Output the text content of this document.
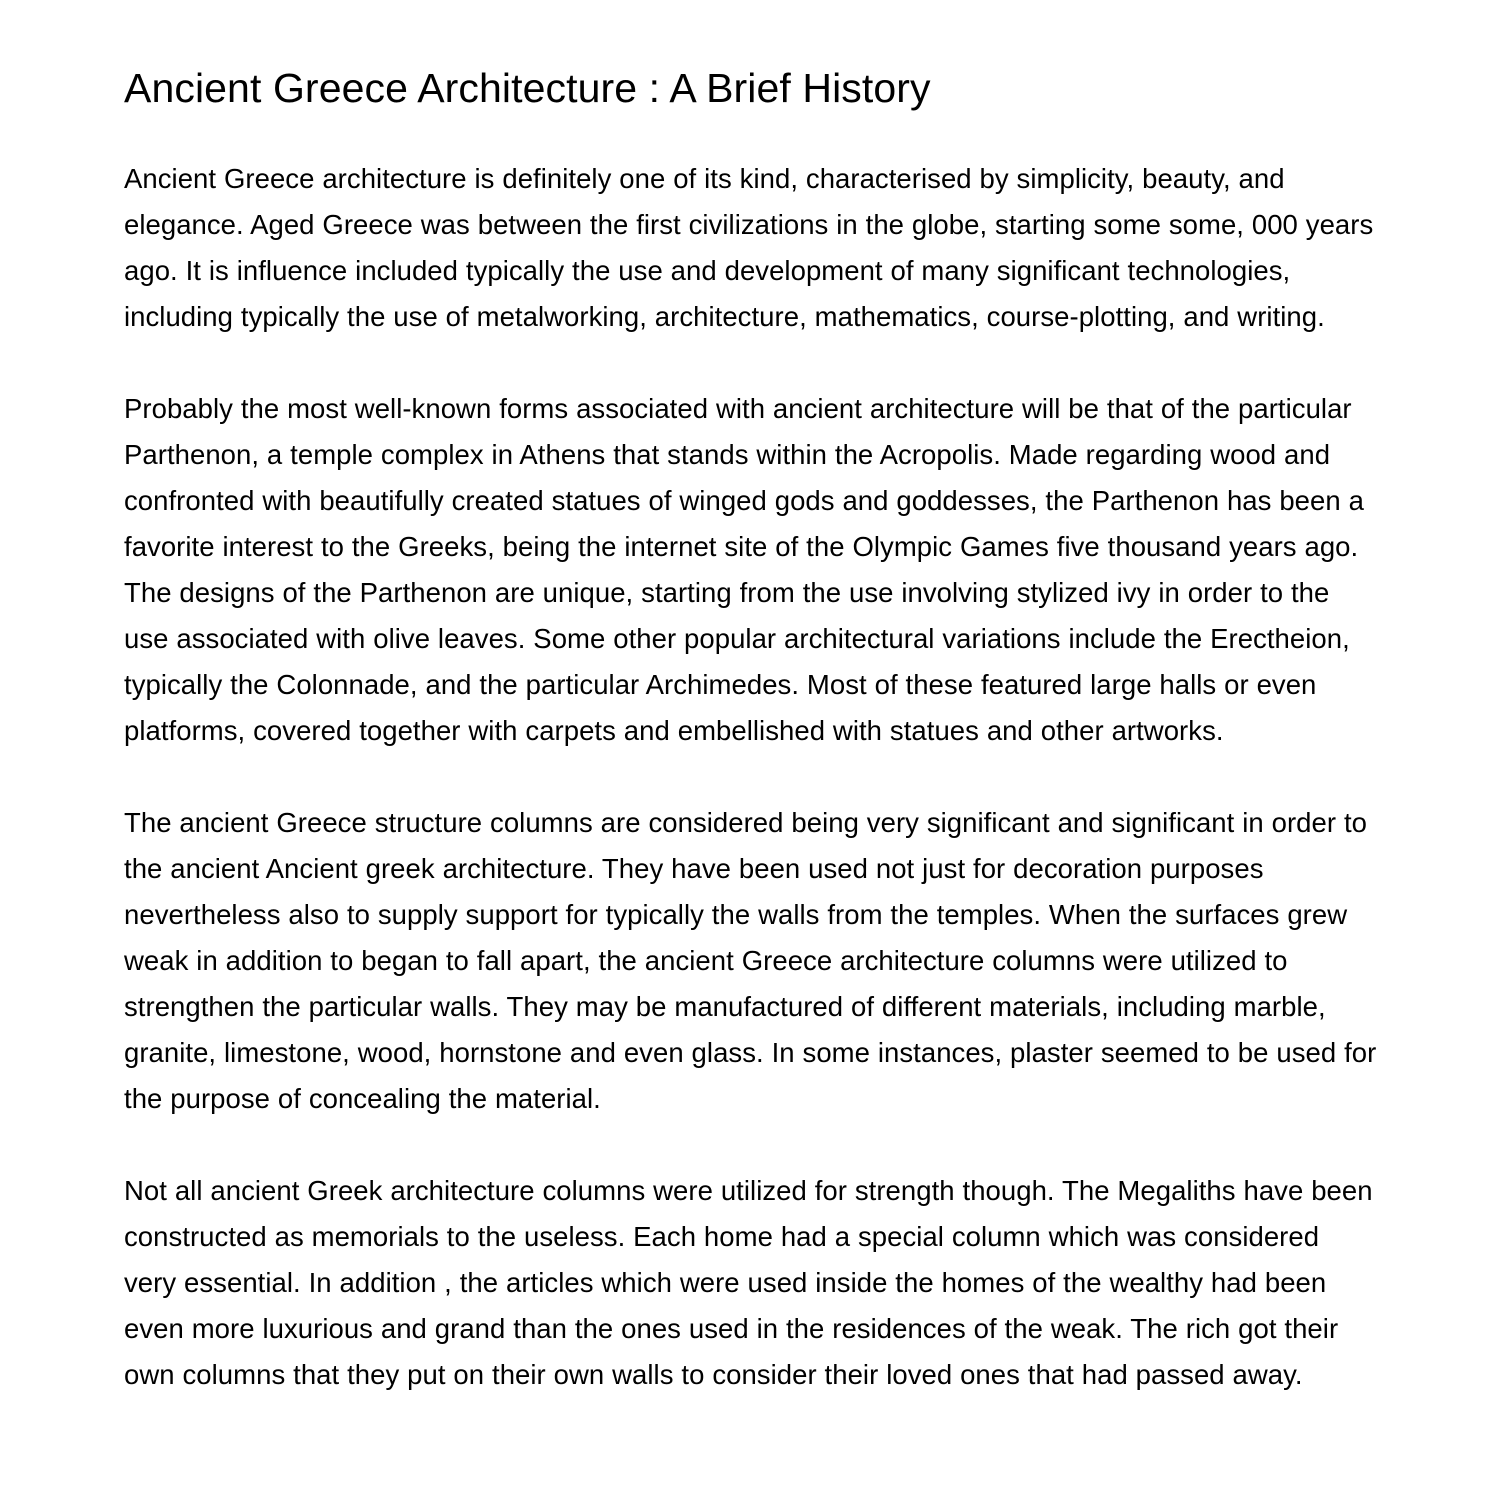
Ancient Greece Architecture : A Brief History

Ancient Greece architecture is definitely one of its kind, characterised by simplicity, beauty, and elegance. Aged Greece was between the first civilizations in the globe, starting some some, 000 years ago. It is influence included typically the use and development of many significant technologies, including typically the use of metalworking, architecture, mathematics, course-plotting, and writing.

Probably the most well-known forms associated with ancient architecture will be that of the particular Parthenon, a temple complex in Athens that stands within the Acropolis. Made regarding wood and confronted with beautifully created statues of winged gods and goddesses, the Parthenon has been a favorite interest to the Greeks, being the internet site of the Olympic Games five thousand years ago. The designs of the Parthenon are unique, starting from the use involving stylized ivy in order to the use associated with olive leaves. Some other popular architectural variations include the Erectheion, typically the Colonnade, and the particular Archimedes. Most of these featured large halls or even platforms, covered together with carpets and embellished with statues and other artworks.

The ancient Greece structure columns are considered being very significant and significant in order to the ancient Ancient greek architecture. They have been used not just for decoration purposes nevertheless also to supply support for typically the walls from the temples. When the surfaces grew weak in addition to began to fall apart, the ancient Greece architecture columns were utilized to strengthen the particular walls. They may be manufactured of different materials, including marble, granite, limestone, wood, hornstone and even glass. In some instances, plaster seemed to be used for the purpose of concealing the material.

Not all ancient Greek architecture columns were utilized for strength though. The Megaliths have been constructed as memorials to the useless. Each home had a special column which was considered very essential. In addition , the articles which were used inside the homes of the wealthy had been even more luxurious and grand than the ones used in the residences of the weak. The rich got their own columns that they put on their own walls to consider their loved ones that had passed away.
